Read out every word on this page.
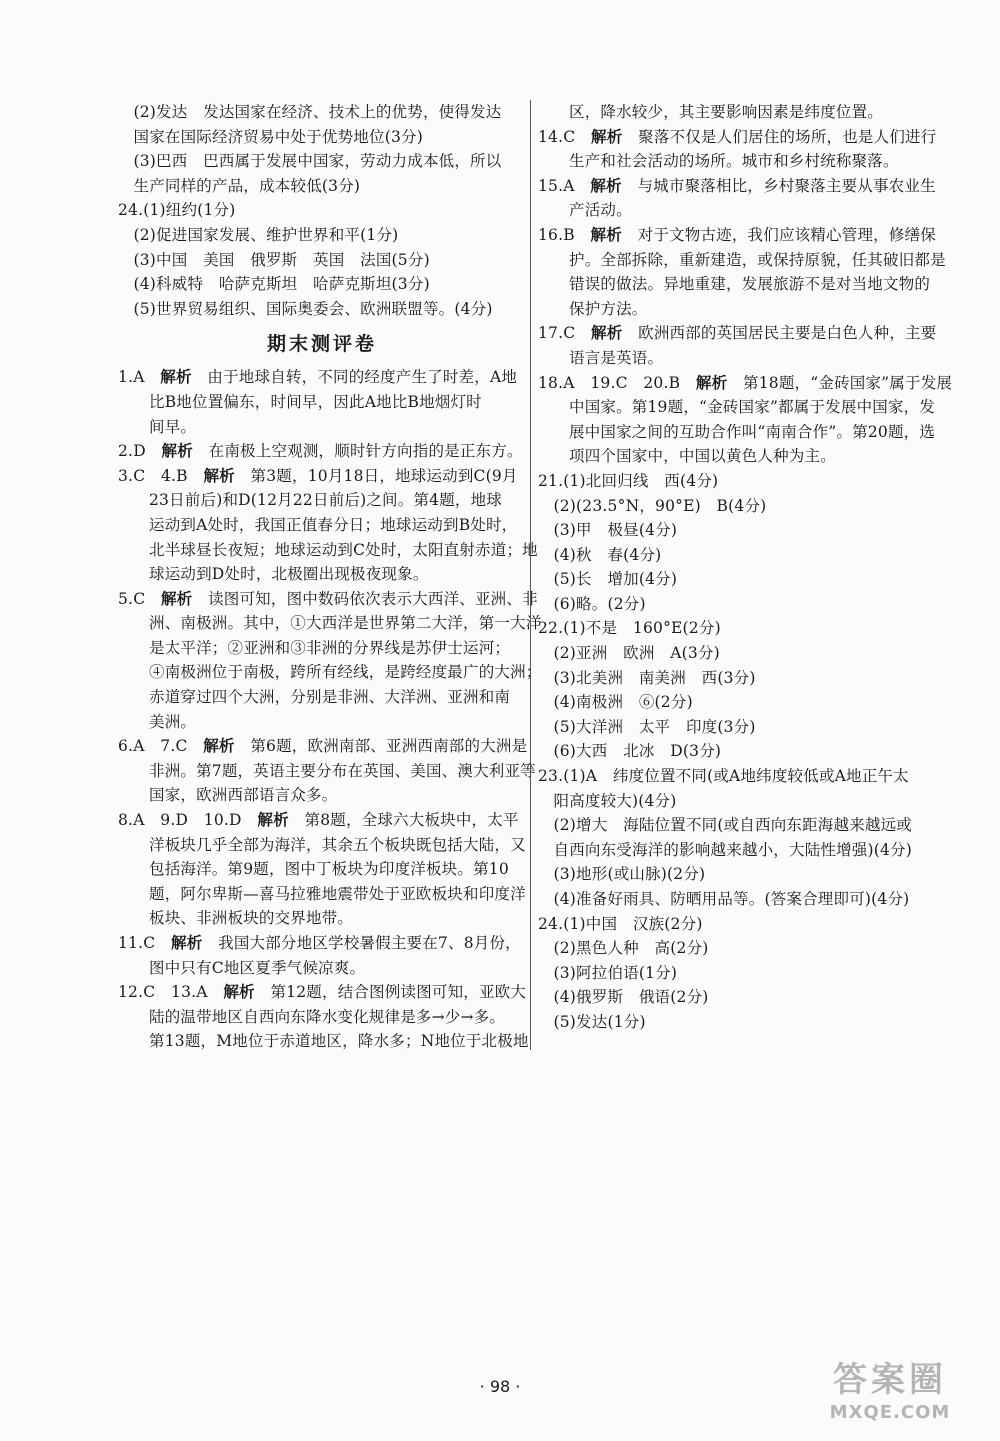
(2)发达　发达国家在经济、技术上的优势，使得发达
国家在国际经济贸易中处于优势地位(3分)
(3)巴西　巴西属于发展中国家，劳动力成本低，所以
生产同样的产品，成本较低(3分)
24.(1)纽约(1分)
(2)促进国家发展、维护世界和平(1分)
(3)中国　美国　俄罗斯　英国　法国(5分)
(4)科威特　哈萨克斯坦　哈萨克斯坦(3分)
(5)世界贸易组织、国际奥委会、欧洲联盟等。(4分)
期末测评卷
1.A　 解析　 由于地球自转，不同的经度产生了时差，A地
比B地位置偏东，时间早，因此A地比B地烟灯时
间早。
2.D　 解析　 在南极上空观测，顺时针方向指的是正东方。
3.C　4.B　 解析　 第3题，10月18日，地球运动到C(9月
23日前后)和D(12月22日前后)之间。第4题，地球
运动到A处时，我国正值春分日；地球运动到B处时，
北半球昼长夜短；地球运动到C处时，太阳直射赤道；地
球运动到D处时，北极圈出现极夜现象。
5.C　 解析　 读图可知，图中数码依次表示大西洋、亚洲、非
洲、南极洲。其中，①大西洋是世界第二大洋，第一大洋
是太平洋；②亚洲和③非洲的分界线是苏伊士运河；
④南极洲位于南极，跨所有经线，是跨经度最广的大洲；
赤道穿过四个大洲，分别是非洲、大洋洲、亚洲和南
美洲。
6.A　7.C　 解析　 第6题，欧洲南部、亚洲西南部的大洲是
非洲。第7题，英语主要分布在英国、美国、澳大利亚等
国家，欧洲西部语言众多。
8.A　9.D　10.D　 解析　 第8题，全球六大板块中，太平
洋板块几乎全部为海洋，其余五个板块既包括大陆，又
包括海洋。第9题，图中丁板块为印度洋板块。第10
题，阿尔卑斯—喜马拉雅地震带处于亚欧板块和印度洋
板块、非洲板块的交界地带。
11.C　 解析　 我国大部分地区学校暑假主要在7、8月份，
图中只有C地区夏季气候凉爽。
12.C　13.A　 解析　 第12题，结合图例读图可知，亚欧大
陆的温带地区自西向东降水变化规律是多→少→多。
第13题，M地位于赤道地区，降水多；N地位于北极地
区，降水较少，其主要影响因素是纬度位置。
14.C　 解析　 聚落不仅是人们居住的场所，也是人们进行
生产和社会活动的场所。城市和乡村统称聚落。
15.A　 解析　 与城市聚落相比，乡村聚落主要从事农业生
产活动。
16.B　 解析　 对于文物古迹，我们应该精心管理，修缮保
护。全部拆除，重新建造，或保持原貌，任其破旧都是
错误的做法。异地重建，发展旅游不是对当地文物的
保护方法。
17.C　 解析　 欧洲西部的英国居民主要是白色人种，主要
语言是英语。
18.A　19.C　20.B　 解析　 第18题，“金砖国家”属于发展
中国家。第19题，“金砖国家”都属于发展中国家，发
展中国家之间的互助合作叫“南南合作”。第20题，选
项四个国家中，中国以黄色人种为主。
21.(1)北回归线　西(4分)
(2)(23.5°N，90°E)　B(4分)
(3)甲　极昼(4分)
(4)秋　春(4分)
(5)长　增加(4分)
(6)略。(2分)
22.(1)不是　160°E(2分)
(2)亚洲　欧洲　A(3分)
(3)北美洲　南美洲　西(3分)
(4)南极洲　⑥(2分)
(5)大洋洲　太平　印度(3分)
(6)大西　北冰　D(3分)
23.(1)A　纬度位置不同(或A地纬度较低或A地正午太
阳高度较大)(4分)
(2)增大　海陆位置不同(或自西向东距海越来越远或
自西向东受海洋的影响越来越小，大陆性增强)(4分)
(3)地形(或山脉)(2分)
(4)准备好雨具、防晒用品等。(答案合理即可)(4分)
24.(1)中国　汉族(2分)
(2)黑色人种　高(2分)
(3)阿拉伯语(1分)
(4)俄罗斯　俄语(2分)
(5)发达(1分)
· 98 ·	答案圈
MXQE.COM
